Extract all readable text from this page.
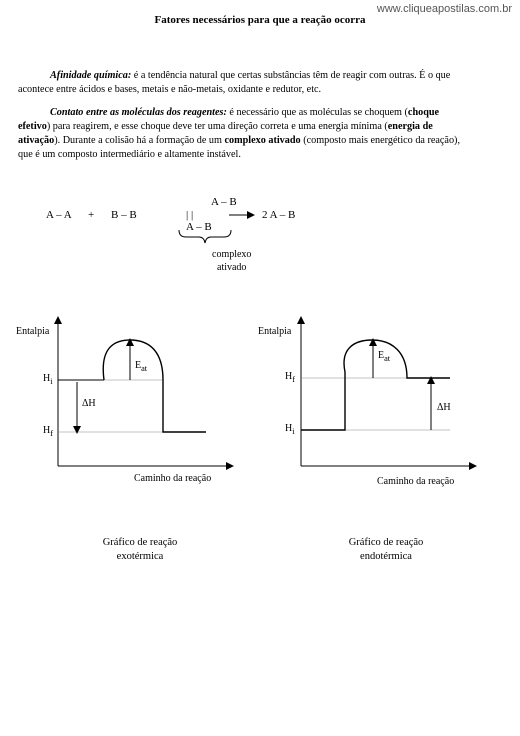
www.cliqueapostilas.com.br
Fatores necessários para que a reação ocorra
Afinidade química: é a tendência natural que certas substâncias têm de reagir com outras. É o que acontece entre ácidos e bases, metais e não-metais, oxidante e redutor, etc.
Contato entre as moléculas dos reagentes: é necessário que as moléculas se choquem (choque efetivo) para reagirem, e esse choque deve ter uma direção correta e uma energia mínima (energia de ativação). Durante a colisão há a formação de um complexo ativado (composto mais energético da reação), que é um composto intermediário e altamente instável.
A – A + B – B
A – B
| |
A – B
2 A – B
complexo
ativado
Entalpia
$H_i$
$H_f$
$E_{at}$
ΔH
Caminho da reação
Entalpia
$H_f$
$H_i$
$E_{at}$
ΔH
Caminho da reação
Gráfico de reação
exotérmica
Gráfico de reação
endotérmica
